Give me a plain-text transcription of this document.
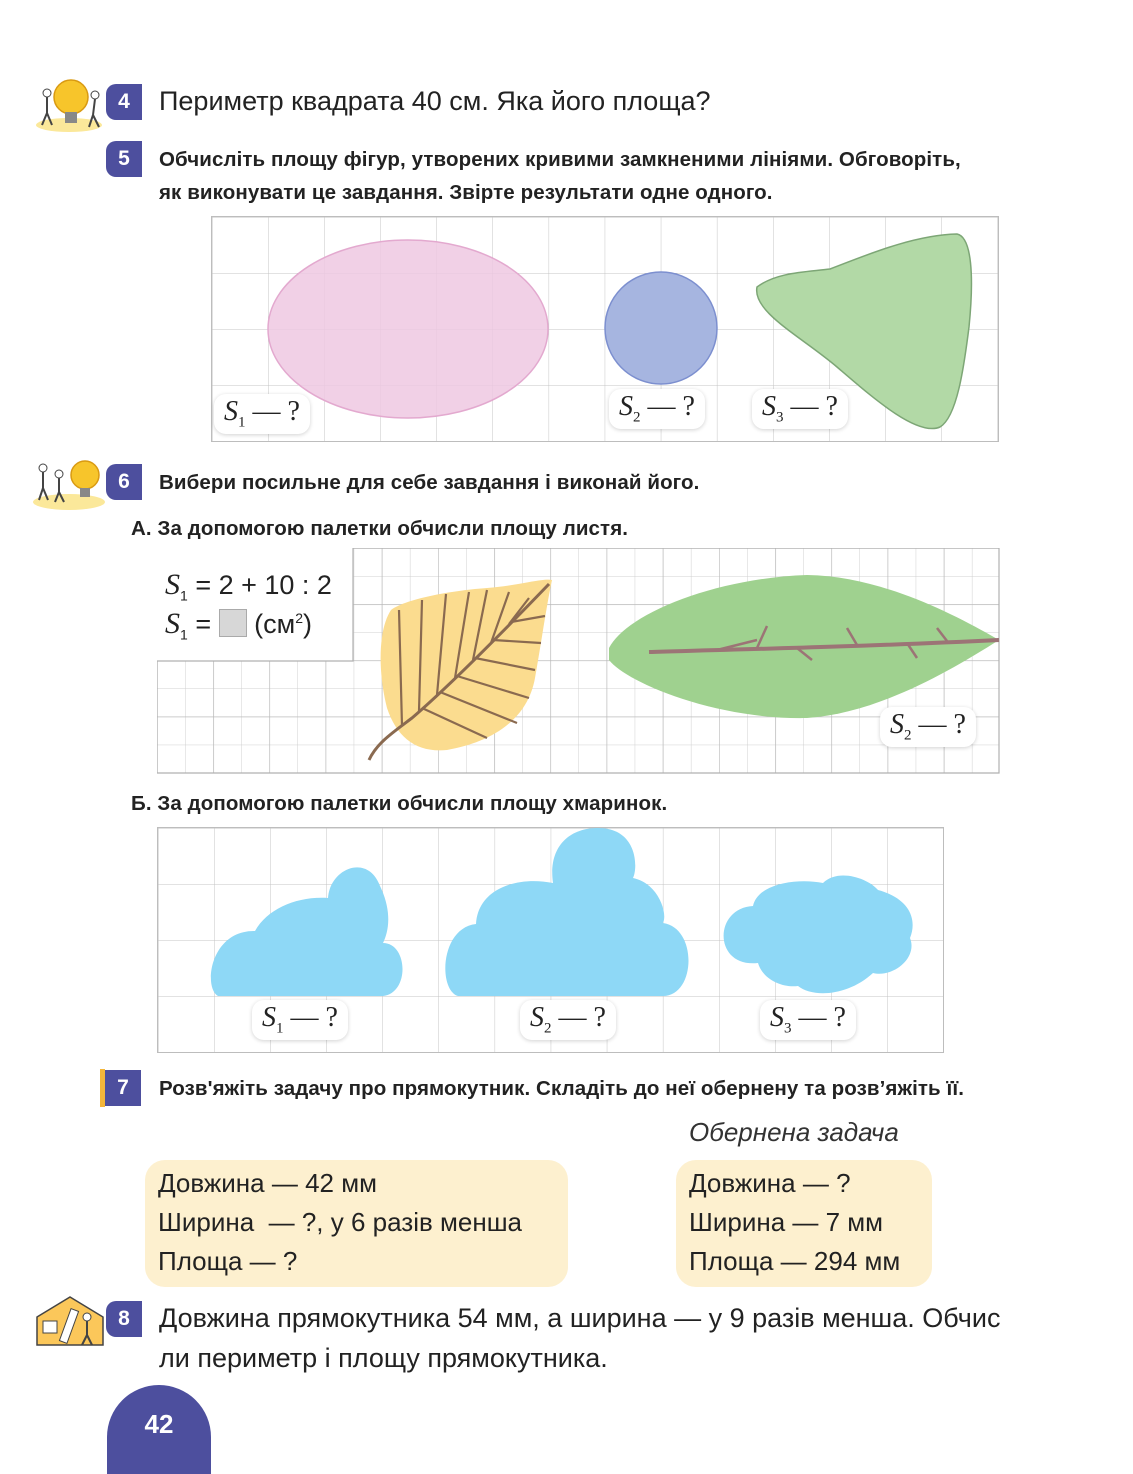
4	Периметр квадрата 40 см. Яка його площа?
5	Обчисліть площу фігур, утворених кривими замкненими лініями. Обговоріть,
як виконувати це завдання. Звірте результати одне одного.
$S_1$ — ?	$S_2$ — ?	$S_3$ — ?
6	Вибери посильне для себе завдання і виконай його.
А. За допомогою палетки обчисли площу листя.
$S_1 = 2 + 10$ : 2
$S_1 = (см^2)$
$S_2$ — ?
Б. За допомогою палетки обчисли площу хмаринок.
$S_1$ — ?	$S_2$ — ?	$S_3$ — ?
7	Розв'яжіть задачу про прямокутник. Складіть до неї обернену та розв’яжіть її.
Обернена задача
Довжина — 42 мм
Ширина  — ?, у 6 разів менша
Площа — ?
Довжина — ?
Ширина — 7 мм
Площа — 294 мм
8	Довжина прямокутника 54 мм, а ширина — у 9 разів менша. Обчис
ли периметр і площу прямокутника.
42
